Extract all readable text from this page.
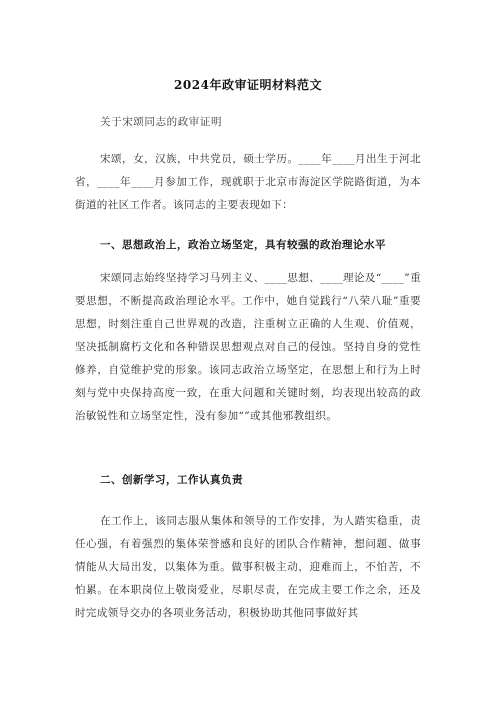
2024年政审证明材料范文
关于宋颂同志的政审证明

宋颂，女，汉族，中共党员，硕士学历。____年____月出生于河北省，____年____月参加工作，现就职于北京市海淀区学院路街道，为本街道的社区工作者。该同志的主要表现如下：

一、思想政治上，政治立场坚定，具有较强的政治理论水平

宋颂同志始终坚持学习马列主义、____思想、____理论及“____”重要思想，不断提高政治理论水平。工作中，她自觉践行“八荣八耻”重要思想，时刻注重自己世界观的改造，注重树立正确的人生观、价值观，坚决抵制腐朽文化和各种错误思想观点对自己的侵蚀。坚持自身的党性修养，自觉维护党的形象。该同志政治立场坚定，在思想上和行为上时刻与党中央保持高度一致，在重大问题和关键时刻，均表现出较高的政治敏锐性和立场坚定性，没有参加“”或其他邪教组织。

二、创新学习，工作认真负责

在工作上，该同志服从集体和领导的工作安排，为人踏实稳重，责任心强，有着强烈的集体荣誉感和良好的团队合作精神，想问题、做事情能从大局出发，以集体为重。做事积极主动，迎难而上，不怕苦，不怕累。在本职岗位上敬岗爱业，尽职尽责，在完成主要工作之余，还及时完成领导交办的各项业务活动，积极协助其他同事做好其
